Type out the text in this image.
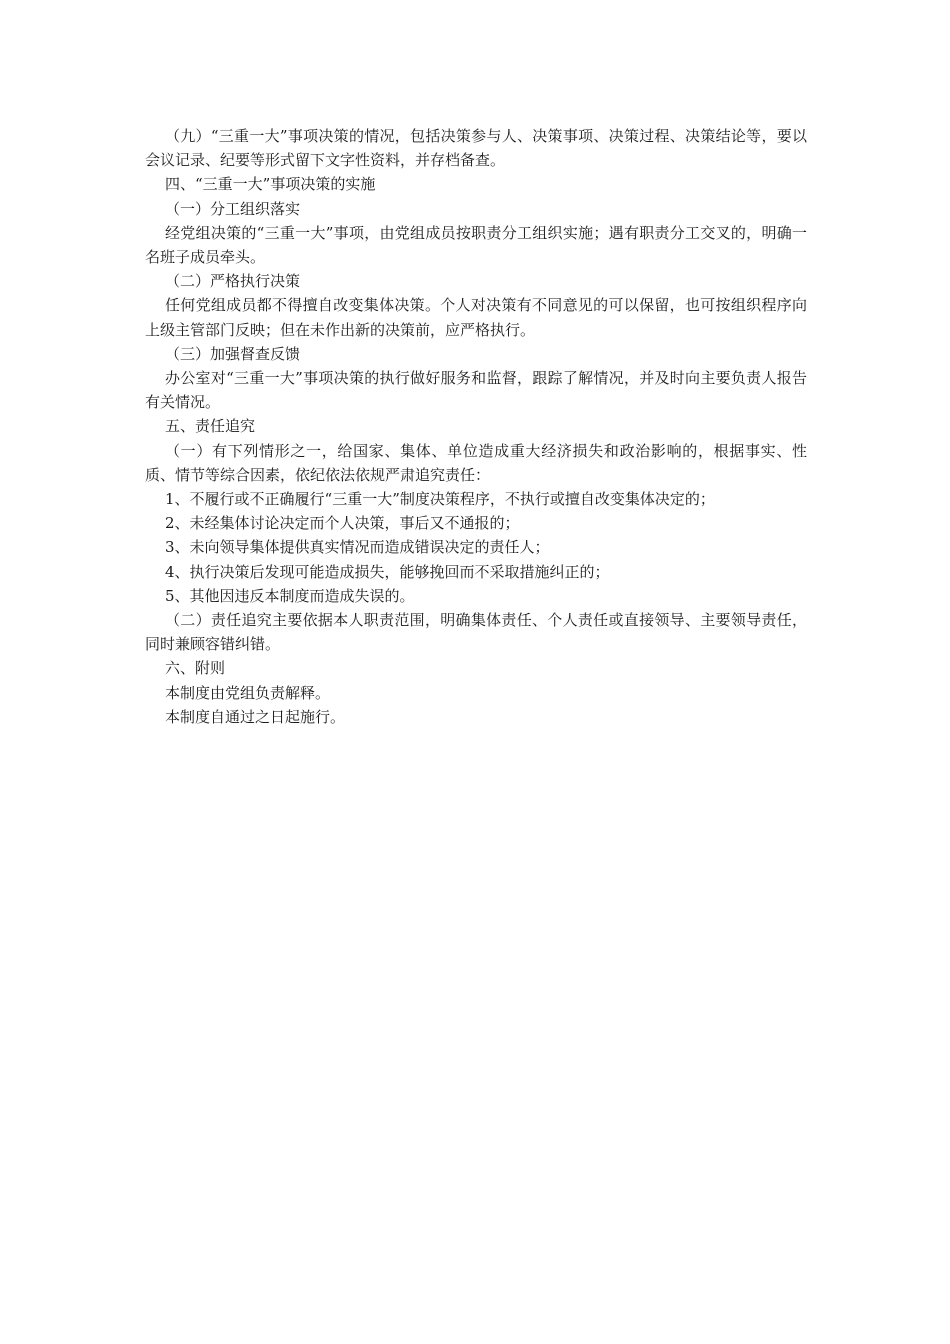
（九）“三重一大”事项决策的情况，包括决策参与人、决策事项、决策过程、决策结论等，要以会议记录、纪要等形式留下文字性资料，并存档备查。

四、“三重一大”事项决策的实施

（一）分工组织落实

经党组决策的“三重一大”事项，由党组成员按职责分工组织实施；遇有职责分工交叉的，明确一名班子成员牵头。

（二）严格执行决策

任何党组成员都不得擅自改变集体决策。个人对决策有不同意见的可以保留，也可按组织程序向上级主管部门反映；但在未作出新的决策前，应严格执行。

（三）加强督查反馈

办公室对“三重一大”事项决策的执行做好服务和监督，跟踪了解情况，并及时向主要负责人报告有关情况。

五、责任追究

（一）有下列情形之一，给国家、集体、单位造成重大经济损失和政治影响的，根据事实、性质、情节等综合因素，依纪依法依规严肃追究责任：

1、不履行或不正确履行“三重一大”制度决策程序，不执行或擅自改变集体决定的；

2、未经集体讨论决定而个人决策，事后又不通报的；

3、未向领导集体提供真实情况而造成错误决定的责任人；

4、执行决策后发现可能造成损失，能够挽回而不采取措施纠正的；

5、其他因违反本制度而造成失误的。

（二）责任追究主要依据本人职责范围，明确集体责任、个人责任或直接领导、主要领导责任，同时兼顾容错纠错。

六、附则

本制度由党组负责解释。

本制度自通过之日起施行。
